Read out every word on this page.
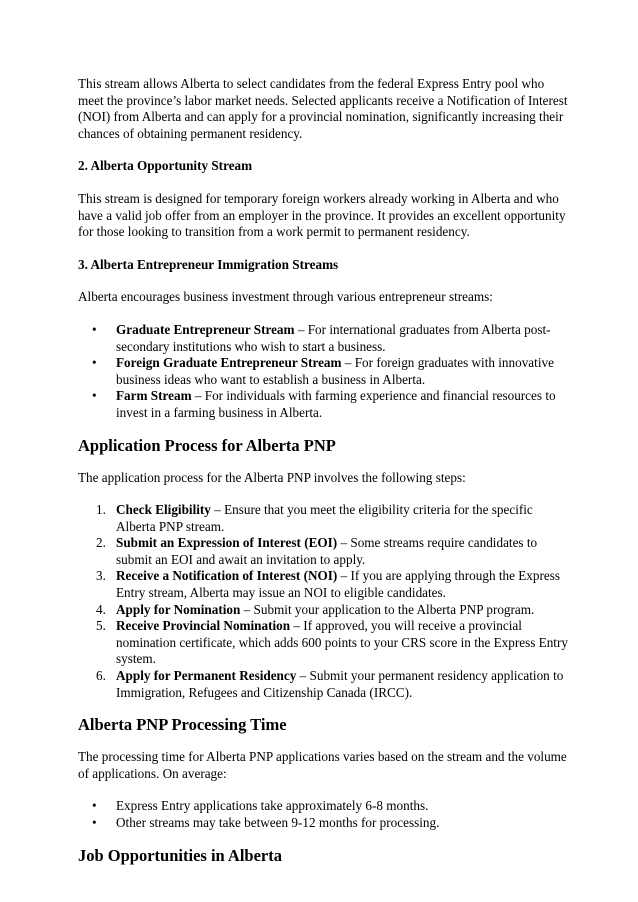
This stream allows Alberta to select candidates from the federal Express Entry pool who meet the province’s labor market needs. Selected applicants receive a Notification of Interest (NOI) from Alberta and can apply for a provincial nomination, significantly increasing their chances of obtaining permanent residency.

2. Alberta Opportunity Stream

This stream is designed for temporary foreign workers already working in Alberta and who have a valid job offer from an employer in the province. It provides an excellent opportunity for those looking to transition from a work permit to permanent residency.

3. Alberta Entrepreneur Immigration Streams

Alberta encourages business investment through various entrepreneur streams:

• Graduate Entrepreneur Stream – For international graduates from Alberta post-secondary institutions who wish to start a business.
• Foreign Graduate Entrepreneur Stream – For foreign graduates with innovative business ideas who want to establish a business in Alberta.
• Farm Stream – For individuals with farming experience and financial resources to invest in a farming business in Alberta.
Application Process for Alberta PNP

The application process for the Alberta PNP involves the following steps:

1. Check Eligibility – Ensure that you meet the eligibility criteria for the specific Alberta PNP stream.
2. Submit an Expression of Interest (EOI) – Some streams require candidates to submit an EOI and await an invitation to apply.
3. Receive a Notification of Interest (NOI) – If you are applying through the Express Entry stream, Alberta may issue an NOI to eligible candidates.
4. Apply for Nomination – Submit your application to the Alberta PNP program.
5. Receive Provincial Nomination – If approved, you will receive a provincial nomination certificate, which adds 600 points to your CRS score in the Express Entry system.
6. Apply for Permanent Residency – Submit your permanent residency application to Immigration, Refugees and Citizenship Canada (IRCC).
Alberta PNP Processing Time

The processing time for Alberta PNP applications varies based on the stream and the volume of applications. On average:

• Express Entry applications take approximately 6-8 months.
• Other streams may take between 9-12 months for processing.
Job Opportunities in Alberta
